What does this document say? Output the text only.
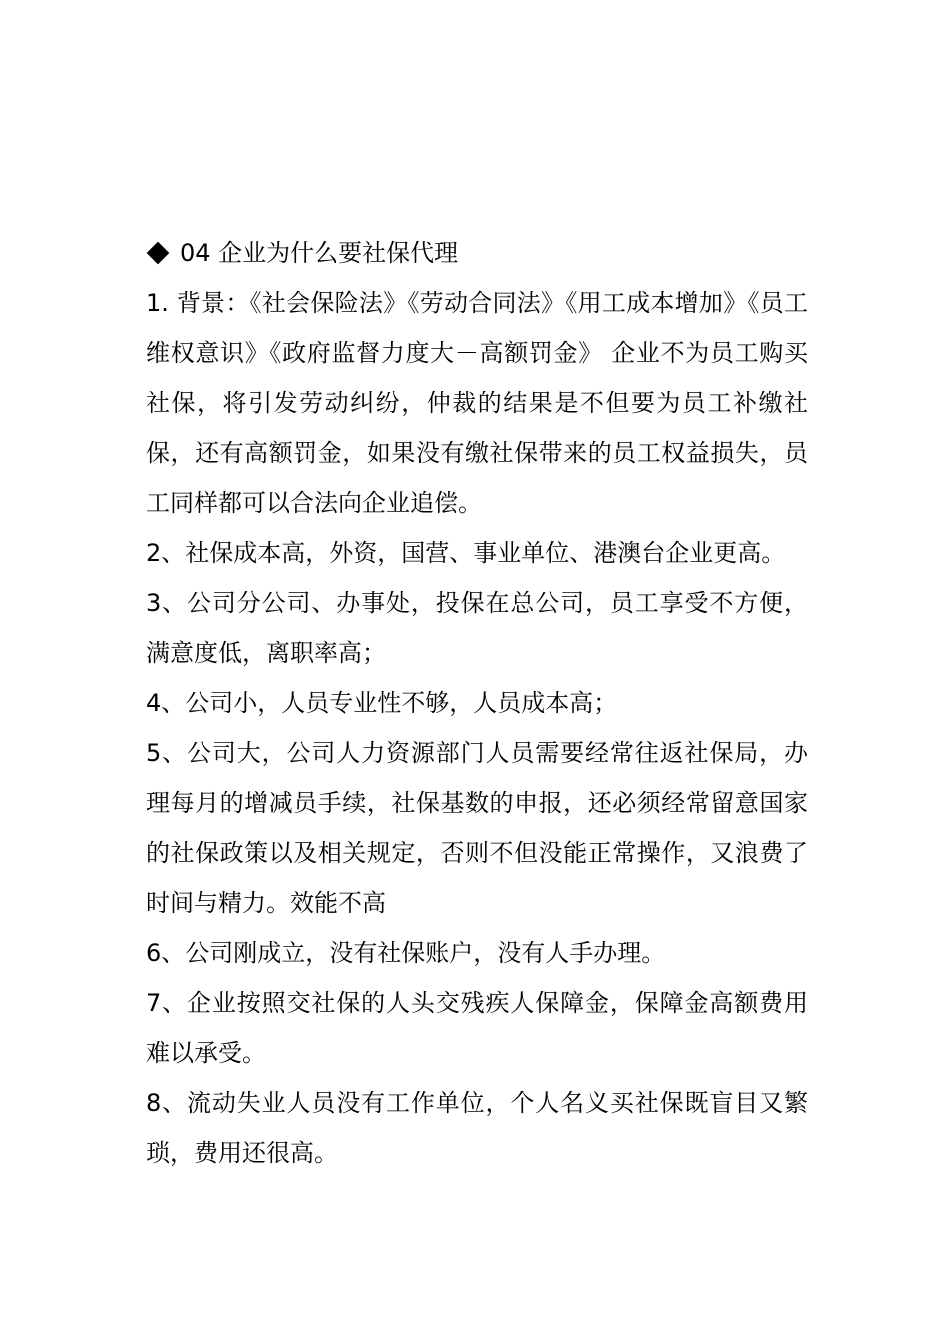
04 企业为什么要社保代理

1. 背景：《社会保险法》《劳动合同法》《用工成本增加》《员工维权意识》《政府监督力度大－高额罚金》 企业不为员工购买社保，将引发劳动纠纷，仲裁的结果是不但要为员工补缴社保，还有高额罚金，如果没有缴社保带来的员工权益损失，员工同样都可以合法向企业追偿。

2、社保成本高，外资，国营、事业单位、港澳台企业更高。

3、公司分公司、办事处，投保在总公司，员工享受不方便，满意度低，离职率高；

4、公司小，人员专业性不够，人员成本高；

5、公司大，公司人力资源部门人员需要经常往返社保局，办理每月的增减员手续，社保基数的申报，还必须经常留意国家的社保政策以及相关规定，否则不但没能正常操作，又浪费了时间与精力。效能不高

6、公司刚成立，没有社保账户，没有人手办理。

7、企业按照交社保的人头交残疾人保障金，保障金高额费用难以承受。

8、流动失业人员没有工作单位，个人名义买社保既盲目又繁琐，费用还很高。
